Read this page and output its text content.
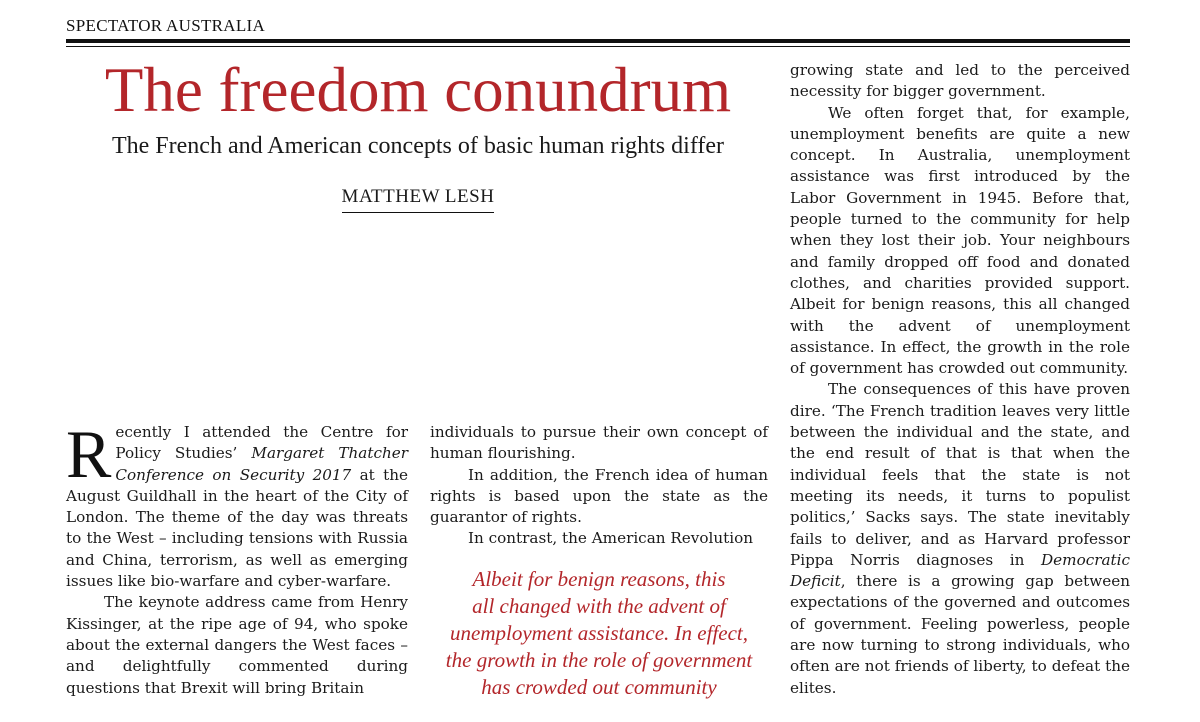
SPECTATOR AUSTRALIA
The freedom conundrum
The French and American concepts of basic human rights differ
MATTHEW LESH

Recently I attended the Centre for Policy Studies’ Margaret Thatcher Conference on Security 2017 at the August Guildhall in the heart of the City of London. The theme of the day was threats to the West – including tensions with Russia and China, terrorism, as well as emerging issues like bio-warfare and cyber-warfare.

The keynote address came from Henry Kissinger, at the ripe age of 94, who spoke about the external dangers the West faces – and delightfully commented during questions that Brexit will bring Britain

individuals to pursue their own concept of human flourishing.

In addition, the French idea of human rights is based upon the state as the guarantor of rights.

In contrast, the American Revolution

Albeit for benign reasons, this
all changed with the advent of
unemployment assistance. In effect,
the growth in the role of government
has crowded out community

growing state and led to the perceived necessity for bigger government.

We often forget that, for example, unemployment benefits are quite a new concept. In Australia, unemployment assistance was first introduced by the Labor Government in 1945. Before that, people turned to the community for help when they lost their job. Your neighbours and family dropped off food and donated clothes, and charities provided support. Albeit for benign reasons, this all changed with the advent of unemployment assistance. In effect, the growth in the role of government has crowded out community.

The consequences of this have proven dire. ‘The French tradition leaves very little between the individual and the state, and the end result of that is that when the individual feels that the state is not meeting its needs, it turns to populist politics,’ Sacks says. The state inevitably fails to deliver, and as Harvard professor Pippa Norris diagnoses in Democratic Deficit, there is a growing gap between expectations of the governed and outcomes of government. Feeling powerless, people are now turning to strong individuals, who often are not friends of liberty, to defeat the elites.
